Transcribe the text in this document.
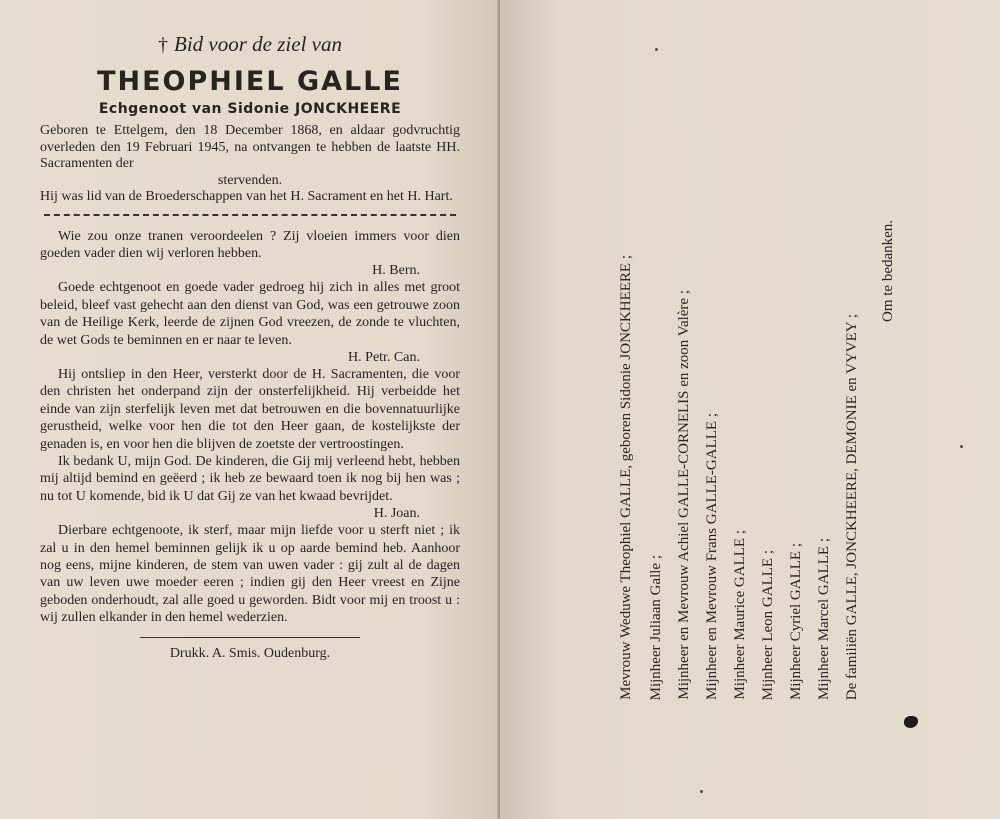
† Bid voor de ziel van

THEOPHIEL GALLE

Echgenoot van Sidonie JONCKHEERE

Geboren te Ettelgem, den 18 December 1868, en aldaar godvruchtig overleden den 19 Februari 1945, na ontvangen te hebben de laatste HH. Sacramenten der

stervenden.

Hij was lid van de Broederschappen van het H. Sacrament en het H. Hart.

Wie zou onze tranen veroordeelen ? Zij vloeien immers voor dien goeden vader dien wij verloren hebben.

H. Bern.

Goede echtgenoot en goede vader gedroeg hij zich in alles met groot beleid, bleef vast gehecht aan den dienst van God, was een getrouwe zoon van de Heilige Kerk, leerde de zijnen God vreezen, de zonde te vluchten, de wet Gods te beminnen en er naar te leven.

H. Petr. Can.

Hij ontsliep in den Heer, versterkt door de H. Sacramenten, die voor den christen het onderpand zijn der onsterfelijkheid. Hij verbeidde het einde van zijn sterfelijk leven met dat betrouwen en die bovennatuurlijke gerustheid, welke voor hen die tot den Heer gaan, de kostelijkste der genaden is, en voor hen die blijven de zoetste der vertroostingen.

Ik bedank U, mijn God. De kinderen, die Gij mij verleend hebt, hebben mij altijd bemind en geëerd ; ik heb ze bewaard toen ik nog bij hen was ; nu tot U komende, bid ik U dat Gij ze van het kwaad bevrijdet.

H. Joan.

Dierbare echtgenoote, ik sterf, maar mijn liefde voor u sterft niet ; ik zal u in den hemel beminnen gelijk ik u op aarde bemind heb. Aanhoor nog eens, mijne kinderen, de stem van uwen vader : gij zult al de dagen van uw leven uwe moeder eeren ; indien gij den Heer vreest en Zijne geboden onderhoudt, zal alle goed u geworden. Bidt voor mij en troost u : wij zullen elkander in den hemel wederzien.

Drukk. A. Smis. Oudenburg.	Mevrouw Weduwe Theophiel GALLE, geboren Sidonie JONCKHEERE ; Mijnheer Juliaan Galle ; Mijnheer en Mevrouw Achiel GALLE-CORNELIS en zoon Valère ; Mijnheer en Mevrouw Frans GALLE-GALLE ; Mijnheer Maurice GALLE ; Mijnheer Leon GALLE ; Mijnheer Cyriel GALLE ; Mijnheer Marcel GALLE ; De familiën GALLE, JONCKHEERE, DEMONIE en VYVEY ;
Om te bedanken.
